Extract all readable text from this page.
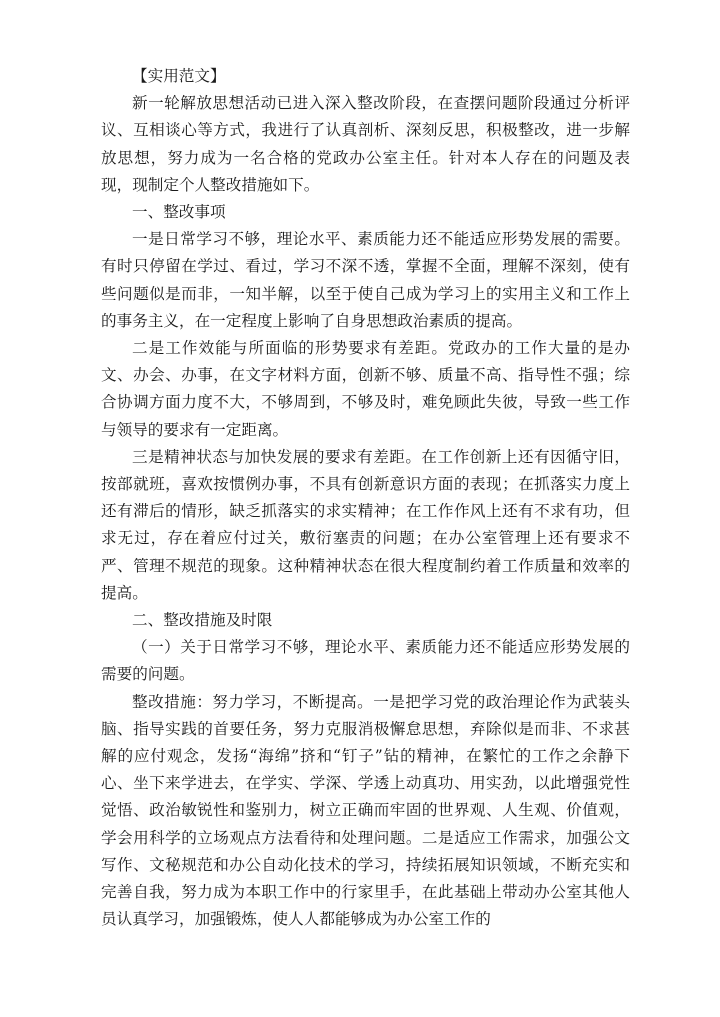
【实用范文】

新一轮解放思想活动已进入深入整改阶段，在查摆问题阶段通过分析评议、互相谈心等方式，我进行了认真剖析、深刻反思，积极整改，进一步解放思想，努力成为一名合格的党政办公室主任。针对本人存在的问题及表现，现制定个人整改措施如下。

一、整改事项

一是日常学习不够，理论水平、素质能力还不能适应形势发展的需要。有时只停留在学过、看过，学习不深不透，掌握不全面，理解不深刻，使有些问题似是而非，一知半解，以至于使自己成为学习上的实用主义和工作上的事务主义，在一定程度上影响了自身思想政治素质的提高。

二是工作效能与所面临的形势要求有差距。党政办的工作大量的是办文、办会、办事，在文字材料方面，创新不够、质量不高、指导性不强；综合协调方面力度不大，不够周到，不够及时，难免顾此失彼，导致一些工作与领导的要求有一定距离。

三是精神状态与加快发展的要求有差距。在工作创新上还有因循守旧，按部就班，喜欢按惯例办事，不具有创新意识方面的表现；在抓落实力度上还有滞后的情形，缺乏抓落实的求实精神；在工作作风上还有不求有功，但求无过，存在着应付过关，敷衍塞责的问题；在办公室管理上还有要求不严、管理不规范的现象。这种精神状态在很大程度制约着工作质量和效率的提高。

二、整改措施及时限

（一）关于日常学习不够，理论水平、素质能力还不能适应形势发展的需要的问题。

整改措施：努力学习，不断提高。一是把学习党的政治理论作为武装头脑、指导实践的首要任务，努力克服消极懈怠思想，弃除似是而非、不求甚解的应付观念，发扬“海绵”挤和“钉子”钻的精神，在繁忙的工作之余静下心、坐下来学进去，在学实、学深、学透上动真功、用实劲，以此增强党性觉悟、政治敏锐性和鉴别力，树立正确而牢固的世界观、人生观、价值观，学会用科学的立场观点方法看待和处理问题。二是适应工作需求，加强公文写作、文秘规范和办公自动化技术的学习，持续拓展知识领域，不断充实和完善自我，努力成为本职工作中的行家里手，在此基础上带动办公室其他人员认真学习，加强锻炼，使人人都能够成为办公室工作的
